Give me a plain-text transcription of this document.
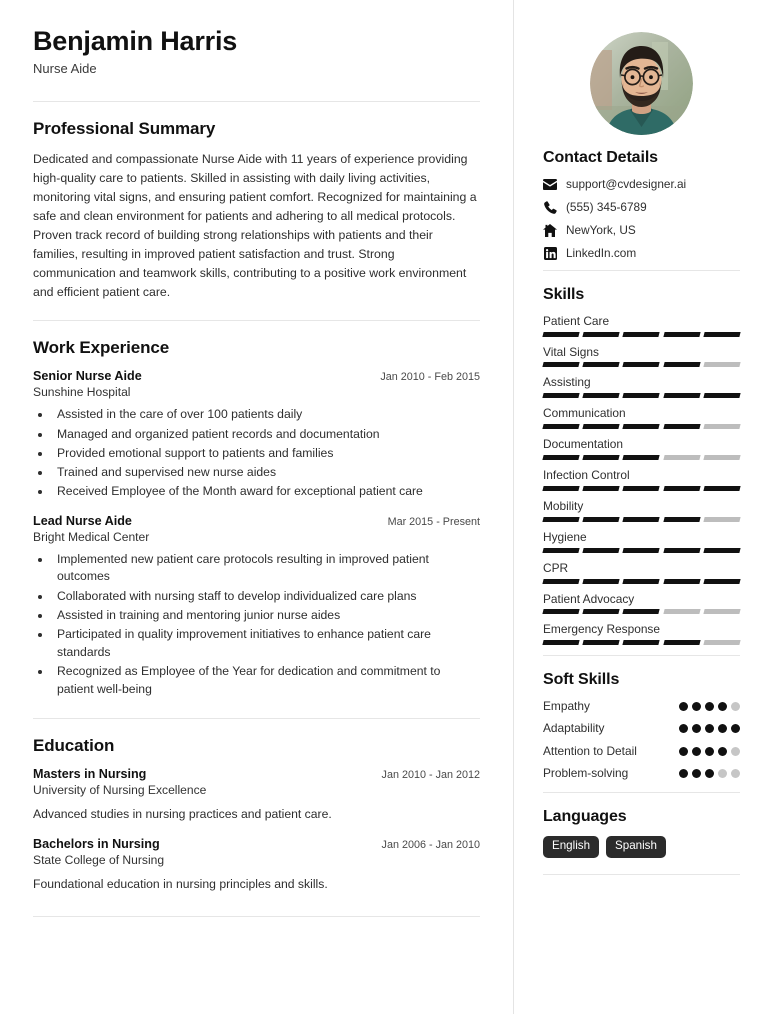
Benjamin Harris
Nurse Aide
Professional Summary
Dedicated and compassionate Nurse Aide with 11 years of experience providing high-quality care to patients. Skilled in assisting with daily living activities, monitoring vital signs, and ensuring patient comfort. Recognized for maintaining a safe and clean environment for patients and adhering to all medical protocols. Proven track record of building strong relationships with patients and their families, resulting in improved patient satisfaction and trust. Strong communication and teamwork skills, contributing to a positive work environment and efficient patient care.
Work Experience
Senior Nurse Aide	Jan 2010 - Feb 2015
Sunshine Hospital
• Assisted in the care of over 100 patients daily
• Managed and organized patient records and documentation
• Provided emotional support to patients and families
• Trained and supervised new nurse aides
• Received Employee of the Month award for exceptional patient care
Lead Nurse Aide	Mar 2015 - Present
Bright Medical Center
• Implemented new patient care protocols resulting in improved patient outcomes
• Collaborated with nursing staff to develop individualized care plans
• Assisted in training and mentoring junior nurse aides
• Participated in quality improvement initiatives to enhance patient care standards
• Recognized as Employee of the Year for dedication and commitment to patient well-being
Education
Masters in Nursing	Jan 2010 - Jan 2012
University of Nursing Excellence
Advanced studies in nursing practices and patient care.
Bachelors in Nursing	Jan 2006 - Jan 2010
State College of Nursing
Foundational education in nursing principles and skills.
Contact Details
support@cvdesigner.ai
(555) 345-6789
NewYork, US
LinkedIn.com
Skills
Patient Care
Vital Signs
Assisting
Communication
Documentation
Infection Control
Mobility
Hygiene
CPR
Patient Advocacy
Emergency Response
Soft Skills
Empathy
Adaptability
Attention to Detail
Problem-solving
Languages
English	Spanish
